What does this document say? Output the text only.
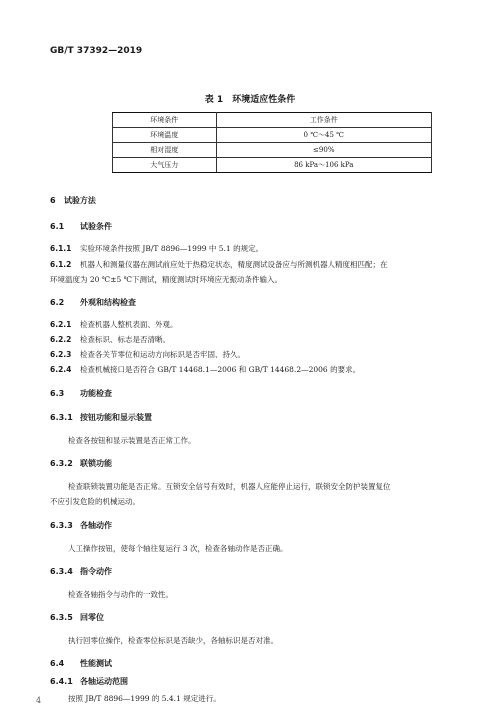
GB/T 37392—2019
表 1　环境适应性条件
环境条件	工作条件
环境温度	0 ℃～45 ℃
相对湿度	≤90%
大气压力	86 kPa～106 kPa
6 试验方法
6.1 试验条件
6.1.1 实验环境条件按照 JB/T 8896—1999 中 5.1 的规定。
6.1.2 机器人和测量仪器在测试前应处于热稳定状态，精度测试设备应与所测机器人精度相匹配；在
环境温度为 20 ℃±5 ℃下测试，精度测试时环境应无振动条件输入。
6.2 外观和结构检查
6.2.1 检查机器人整机表面、外观。
6.2.2 检查标识、标志是否清晰。
6.2.3 检查各关节零位和运动方向标识是否牢固、持久。
6.2.4 检查机械接口是否符合 GB/T 14468.1—2006 和 GB/T 14468.2—2006 的要求。
6.3 功能检查
6.3.1 按钮功能和显示装置
检查各按钮和显示装置是否正常工作。
6.3.2 联锁功能
检查联锁装置功能是否正常。互锁安全信号有效时，机器人应能停止运行，联锁安全防护装置复位
不应引发危险的机械运动。
6.3.3 各轴动作
人工操作按钮，使每个轴往复运行 3 次，检查各轴动作是否正确。
6.3.4 指令动作
检查各轴指令与动作的一致性。
6.3.5 回零位
执行回零位操作，检查零位标识是否缺少，各轴标识是否对准。
6.4 性能测试
6.4.1 各轴运动范围
按照 JB/T 8896—1999 的 5.4.1 规定进行。
4
